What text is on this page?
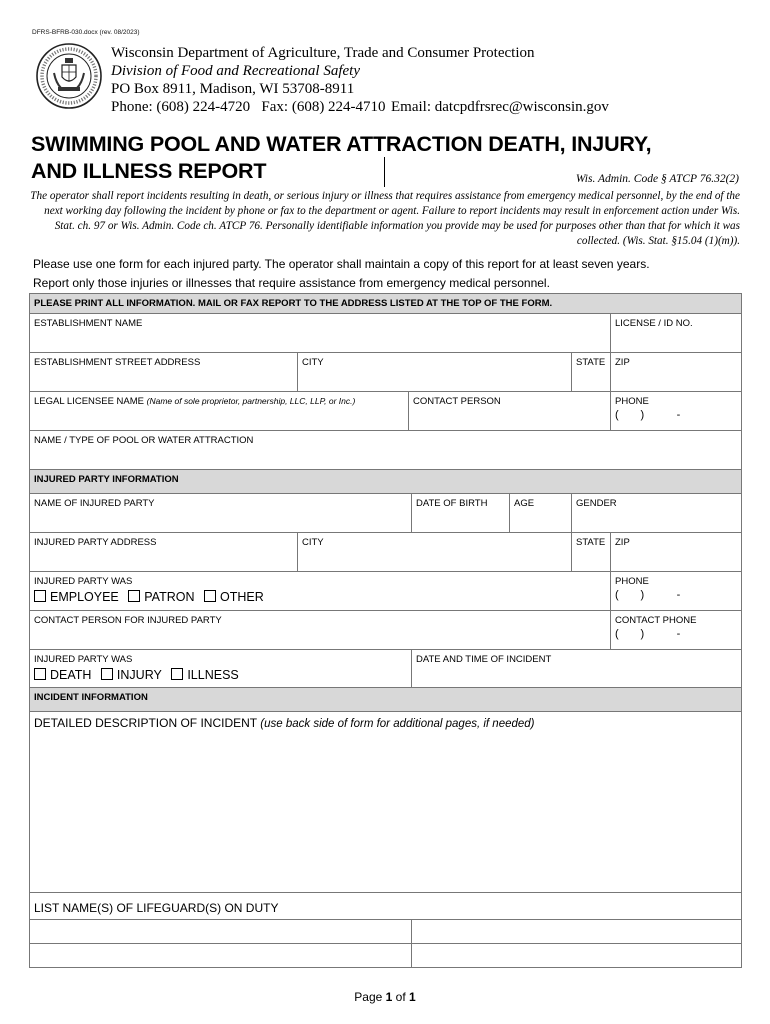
DFRS-BFRB-030.docx (rev. 08/2023)
Wisconsin Department of Agriculture, Trade and Consumer Protection
Division of Food and Recreational Safety
PO Box 8911, Madison, WI 53708-8911
Phone: (608) 224-4720   Fax: (608) 224-4710 Email: datcpdfrsrec@wisconsin.gov
SWIMMING POOL AND WATER ATTRACTION DEATH, INJURY,
AND ILLNESS REPORT	Wis. Admin. Code § ATCP 76.32(2)
The operator shall report incidents resulting in death, or serious injury or illness that requires assistance from emergency medical personnel, by the end of the next working day following the incident by phone or fax to the department or agent. Failure to report incidents may result in enforcement action under Wis. Stat. ch. 97 or Wis. Admin. Code ch. ATCP 76. Personally identifiable information you provide may be used for purposes other than that for which it was collected. (Wis. Stat. §15.04 (1)(m)).
Please use one form for each injured party. The operator shall maintain a copy of this report for at least seven years.
Report only those injuries or illnesses that require assistance from emergency medical personnel.
PLEASE PRINT ALL INFORMATION. MAIL OR FAX REPORT TO THE ADDRESS LISTED AT THE TOP OF THE FORM.						

ESTABLISHMENT NAME						LICENSE / ID NO.

ESTABLISHMENT STREET ADDRESS	CITY				STATE	ZIP

LEGAL LICENSEE NAME (Name of sole proprietor, partnership, LLC, LLP, or Inc.)		CONTACT PERSON				PHONE
(      )         -

NAME / TYPE OF POOL OR WATER ATTRACTION						

INJURED PARTY INFORMATION						

NAME OF INJURED PARTY			DATE OF BIRTH	AGE	GENDER	

INJURED PARTY ADDRESS	CITY				STATE	ZIP

INJURED PARTY WAS
EMPLOYEE PATRON OTHER						PHONE
(      )         -

CONTACT PERSON FOR INJURED PARTY						CONTACT PHONE
(      )         -

INJURED PARTY WAS
DEATH INJURY ILLNESS			DATE AND TIME OF INCIDENT			

INCIDENT INFORMATION						

DETAILED DESCRIPTION OF INCIDENT (use back side of form for additional pages, if needed)						

LIST NAME(S) OF LIFEGUARD(S) ON DUTY						

Page 1 of 1
